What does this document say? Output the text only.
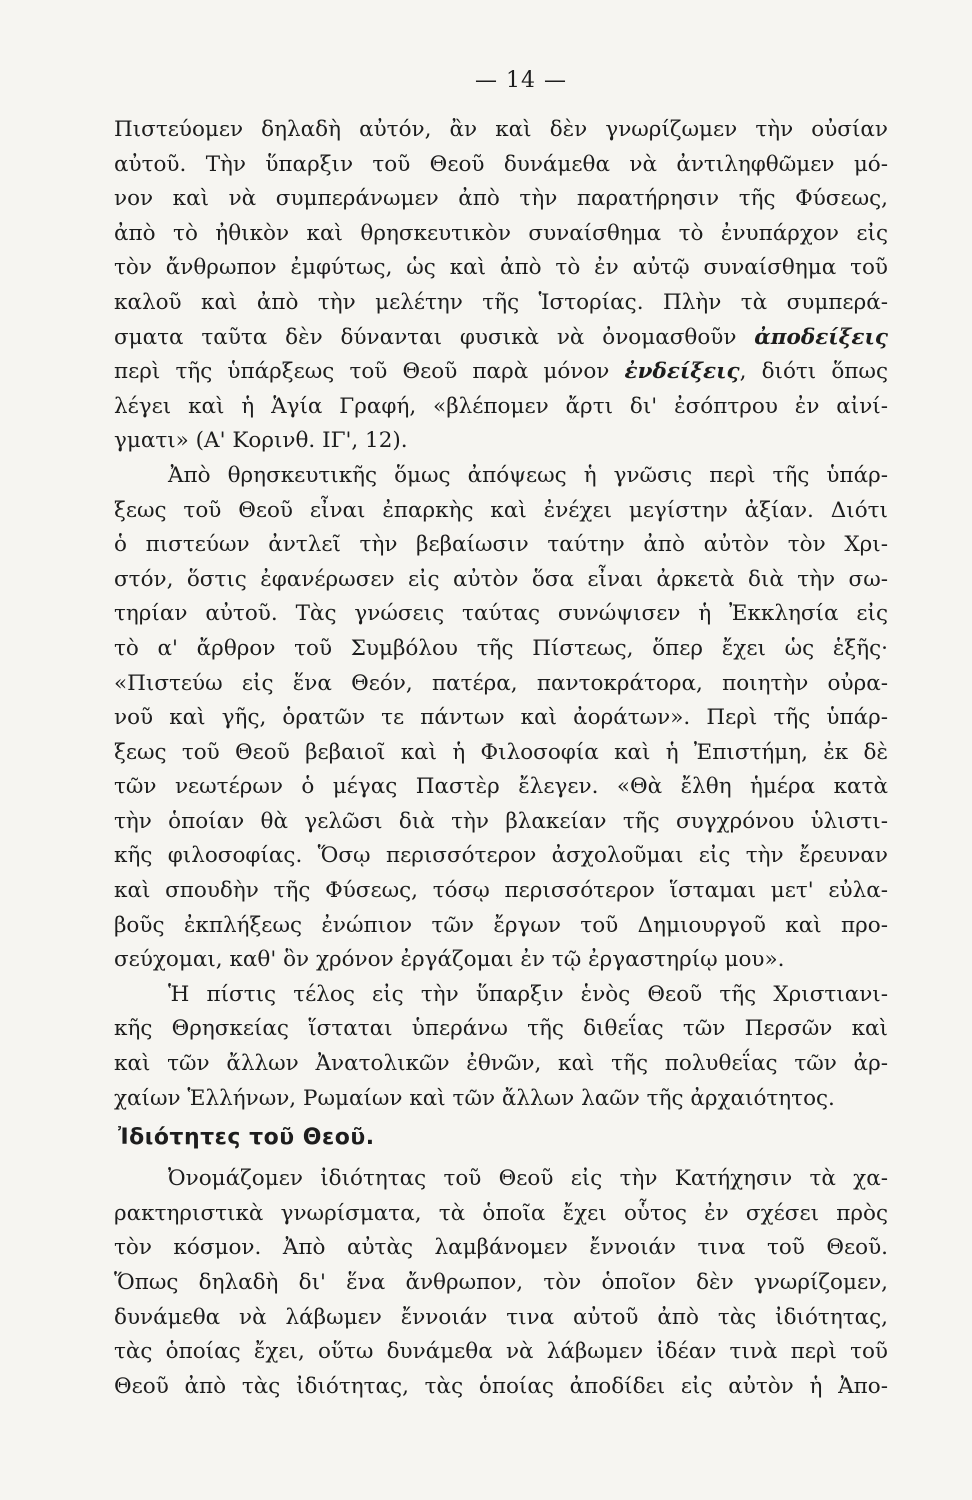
— 14 —
Πιστεύομεν δηλαδὴ αὐτόν, ἂν καὶ δὲν γνωρίζωμεν τὴν οὐσίαν
αὐτοῦ. Τὴν ὕπαρξιν τοῦ Θεοῦ δυνάμεθα νὰ ἀντιληφθῶμεν μό-
νον καὶ νὰ συμπεράνωμεν ἀπὸ τὴν παρατήρησιν τῆς Φύσεως,
ἀπὸ τὸ ἠθικὸν καὶ θρησκευτικὸν συναίσθημα τὸ ἐνυπάρχον εἰς
τὸν ἄνθρωπον ἐμφύτως, ὡς καὶ ἀπὸ τὸ ἐν αὐτῷ συναίσθημα τοῦ
καλοῦ καὶ ἀπὸ τὴν μελέτην τῆς Ἱστορίας. Πλὴν τὰ συμπερά-
σματα ταῦτα δὲν δύνανται φυσικὰ νὰ ὀνομασθοῦν ἀποδείξεις
περὶ τῆς ὑπάρξεως τοῦ Θεοῦ παρὰ μόνον ἐνδείξεις, διότι ὅπως
λέγει καὶ ἡ Ἁγία Γραφή, «βλέπομεν ἄρτι δι' ἐσόπτρου ἐν αἰνί-
γματι» (Α' Κορινθ. ΙΓ', 12).
Ἀπὸ θρησκευτικῆς ὅμως ἀπόψεως ἡ γνῶσις περὶ τῆς ὑπάρ-
ξεως τοῦ Θεοῦ εἶναι ἐπαρκὴς καὶ ἐνέχει μεγίστην ἀξίαν. Διότι
ὁ πιστεύων ἀντλεῖ τὴν βεβαίωσιν ταύτην ἀπὸ αὐτὸν τὸν Χρι-
στόν, ὅστις ἐφανέρωσεν εἰς αὐτὸν ὅσα εἶναι ἀρκετὰ διὰ τὴν σω-
τηρίαν αὐτοῦ. Τὰς γνώσεις ταύτας συνώψισεν ἡ Ἐκκλησία εἰς
τὸ α' ἄρθρον τοῦ Συμβόλου τῆς Πίστεως, ὅπερ ἔχει ὡς ἑξῆς·
«Πιστεύω εἰς ἕνα Θεόν, πατέρα, παντοκράτορα, ποιητὴν οὐρα-
νοῦ καὶ γῆς, ὁρατῶν τε πάντων καὶ ἀοράτων». Περὶ τῆς ὑπάρ-
ξεως τοῦ Θεοῦ βεβαιοῖ καὶ ἡ Φιλοσοφία καὶ ἡ Ἐπιστήμη, ἐκ δὲ
τῶν νεωτέρων ὁ μέγας Παστὲρ ἔλεγεν. «Θὰ ἔλθη ἡμέρα κατὰ
τὴν ὁποίαν θὰ γελῶσι διὰ τὴν βλακείαν τῆς συγχρόνου ὑλιστι-
κῆς φιλοσοφίας. Ὅσῳ περισσότερον ἀσχολοῦμαι εἰς τὴν ἔρευναν
καὶ σπουδὴν τῆς Φύσεως, τόσῳ περισσότερον ἵσταμαι μετ' εὐλα-
βοῦς ἐκπλήξεως ἐνώπιον τῶν ἔργων τοῦ Δημιουργοῦ καὶ προ-
σεύχομαι, καθ' ὃν χρόνον ἐργάζομαι ἐν τῷ ἐργαστηρίῳ μου».
Ἡ πίστις τέλος εἰς τὴν ὕπαρξιν ἑνὸς Θεοῦ τῆς Χριστιανι-
κῆς Θρησκείας ἵσταται ὑπεράνω τῆς διθεΐας τῶν Περσῶν καὶ
καὶ τῶν ἄλλων Ἀνατολικῶν ἐθνῶν, καὶ τῆς πολυθεΐας τῶν ἀρ-
χαίων Ἑλλήνων, Ρωμαίων καὶ τῶν ἄλλων λαῶν τῆς ἀρχαιότητος.
Ἰδιότητες τοῦ Θεοῦ.
Ὀνομάζομεν ἰδιότητας τοῦ Θεοῦ εἰς τὴν Κατήχησιν τὰ χα-
ρακτηριστικὰ γνωρίσματα, τὰ ὁποῖα ἔχει οὗτος ἐν σχέσει πρὸς
τὸν κόσμον. Ἀπὸ αὐτὰς λαμβάνομεν ἔννοιάν τινα τοῦ Θεοῦ.
Ὅπως δηλαδὴ δι' ἕνα ἄνθρωπον, τὸν ὁποῖον δὲν γνωρίζομεν,
δυνάμεθα νὰ λάβωμεν ἔννοιάν τινα αὐτοῦ ἀπὸ τὰς ἰδιότητας,
τὰς ὁποίας ἔχει, οὕτω δυνάμεθα νὰ λάβωμεν ἰδέαν τινὰ περὶ τοῦ
Θεοῦ ἀπὸ τὰς ἰδιότητας, τὰς ὁποίας ἀποδίδει εἰς αὐτὸν ἡ Ἀπο-
